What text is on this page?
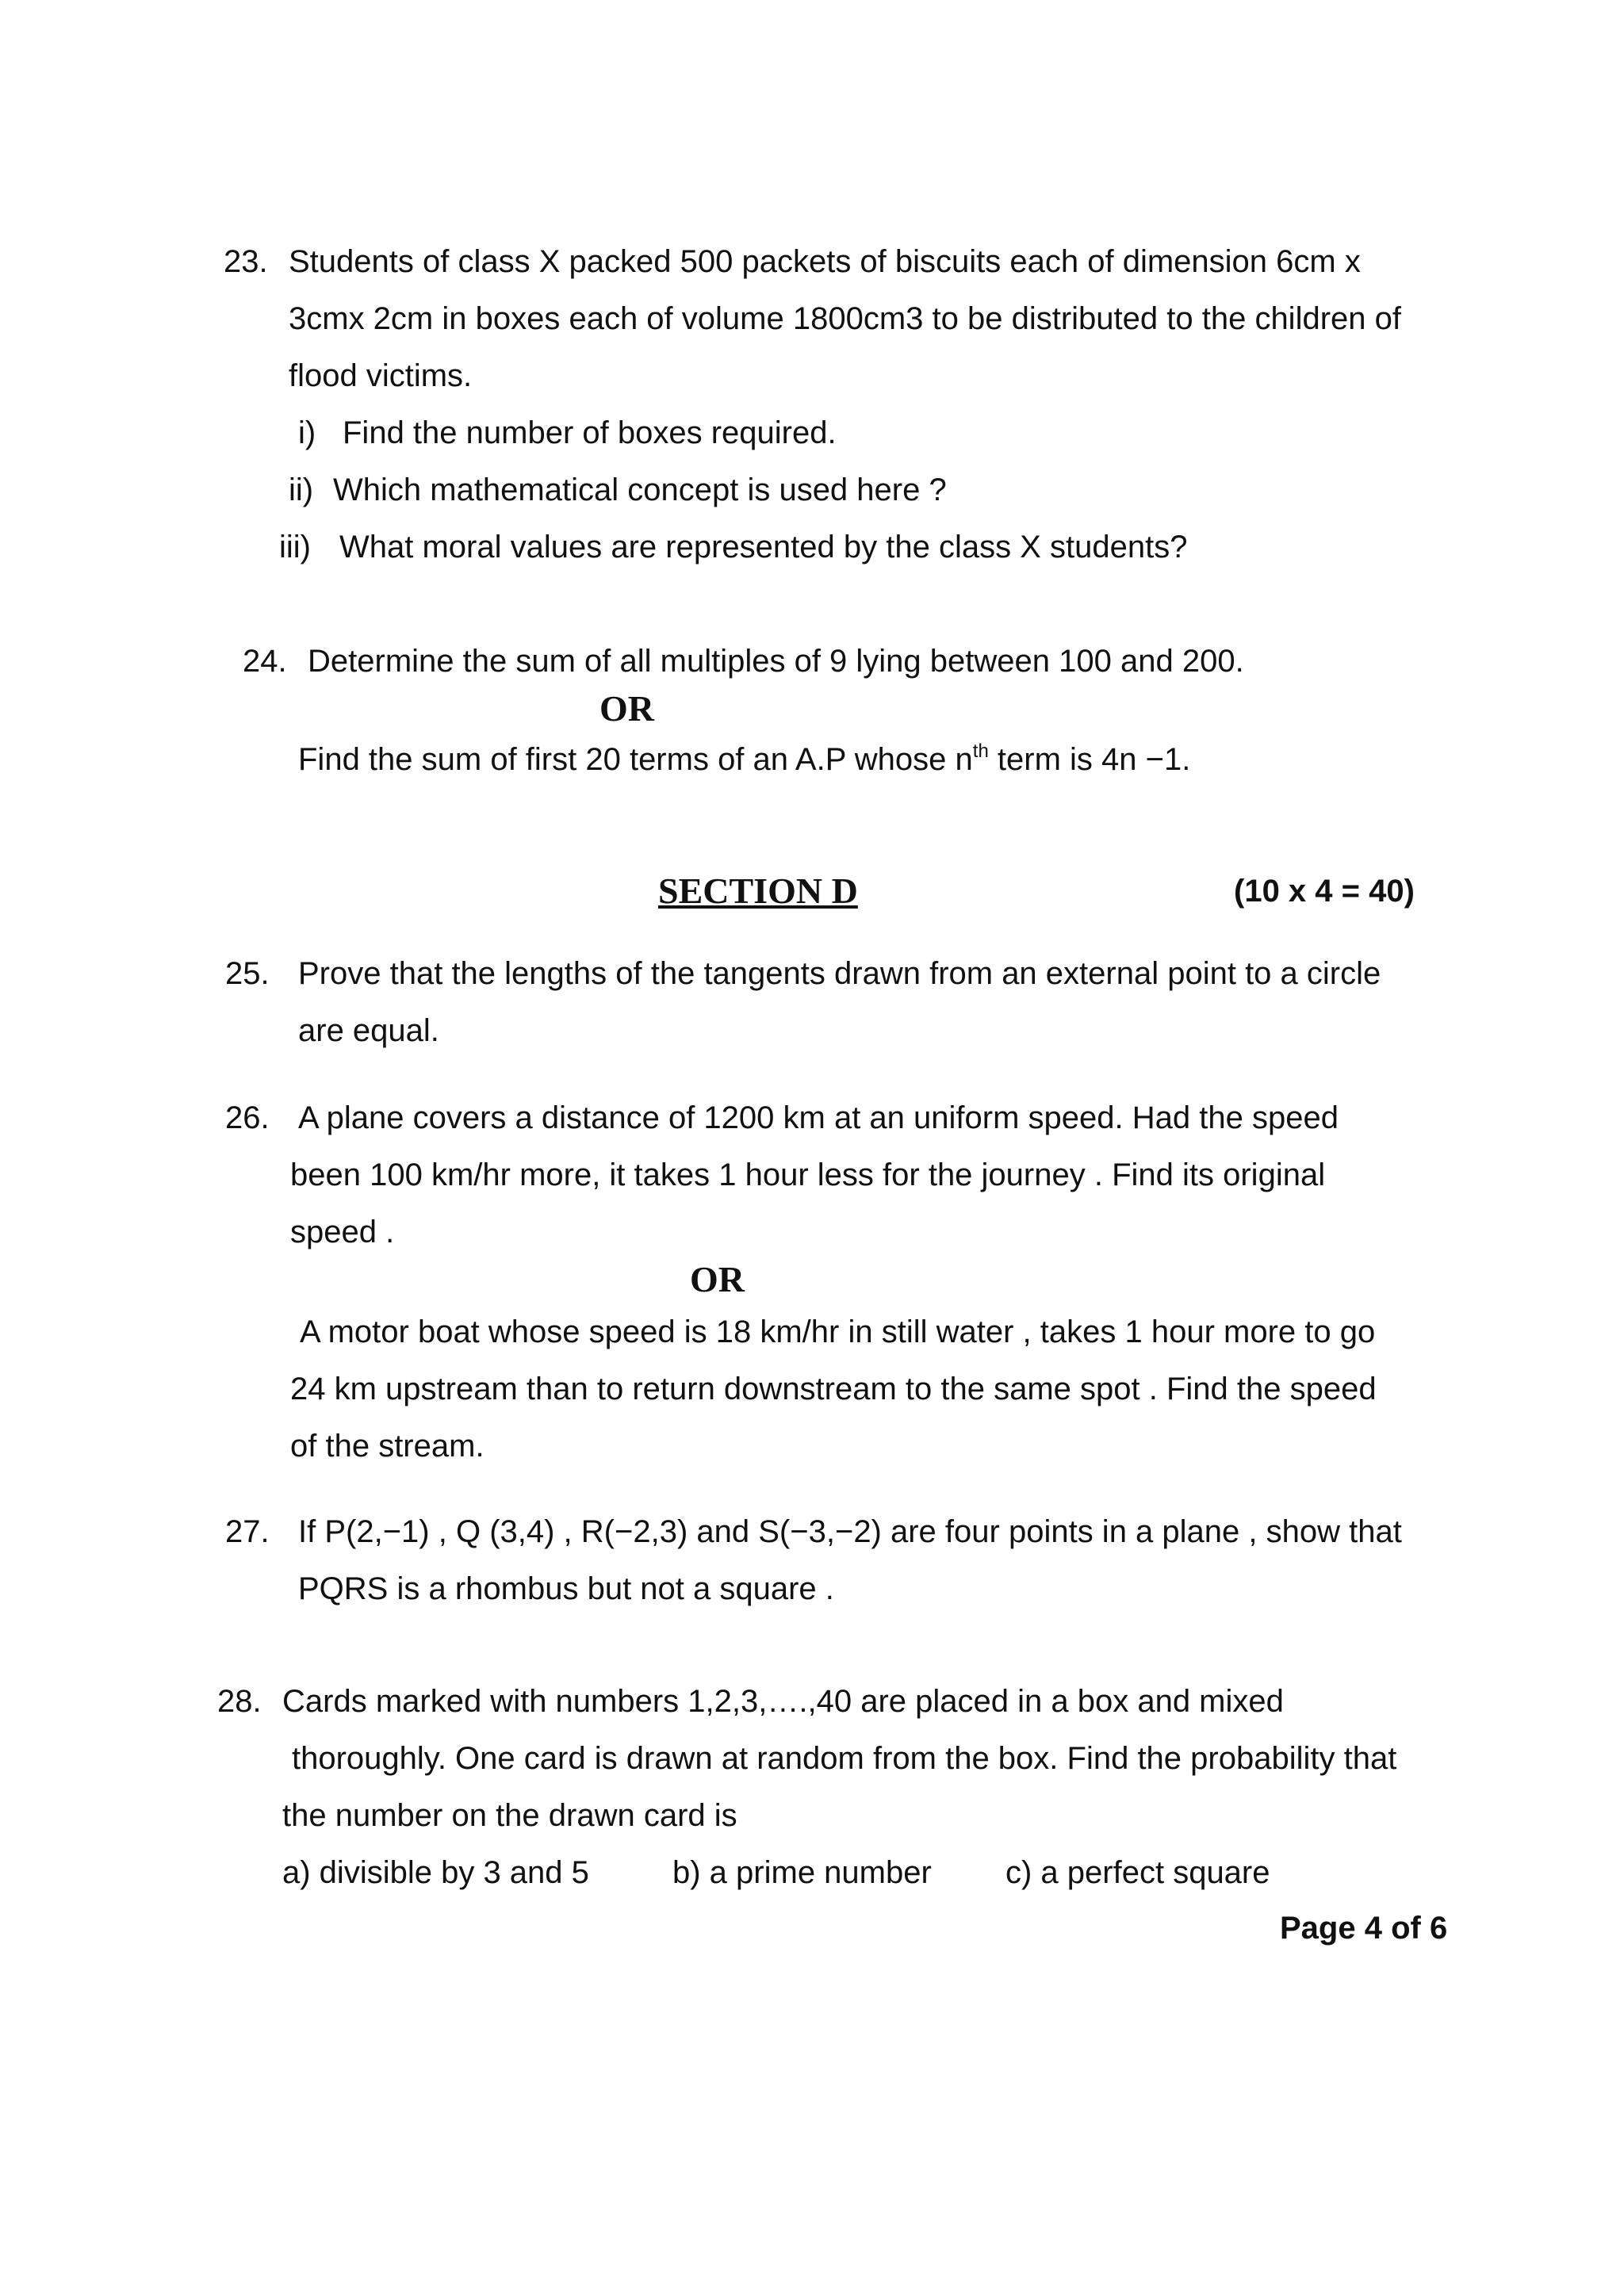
23. Students of class X packed 500 packets of biscuits each of dimension 6cm x
3cmx 2cm in boxes each of volume 1800cm3 to be distributed to the children of
flood victims.
i) Find the number of boxes required.
ii) Which mathematical concept is used here ?
iii) What moral values are represented by the class X students?
24. Determine the sum of all multiples of 9 lying between 100 and 200.
OR
Find the sum of first 20 terms of an A.P whose $n^{th}$ term is 4n −1.
SECTION D	(10 x 4 = 40)
25. Prove that the lengths of the tangents drawn from an external point to a circle
are equal.
26. A plane covers a distance of 1200 km at an uniform speed. Had the speed
been 100 km/hr more, it takes 1 hour less for the journey . Find its original
speed .
OR
A motor boat whose speed is 18 km/hr in still water , takes 1 hour more to go
24 km upstream than to return downstream to the same spot . Find the speed
of the stream.
27. If P(2,−1) , Q (3,4) , R(−2,3) and S(−3,−2) are four points in a plane , show that
PQRS is a rhombus but not a square .
28. Cards marked with numbers 1,2,3,….,40 are placed in a box and mixed
thoroughly. One card is drawn at random from the box. Find the probability that
the number on the drawn card is
a) divisible by 3 and 5	b) a prime number c) a perfect square
Page 4 of 6
